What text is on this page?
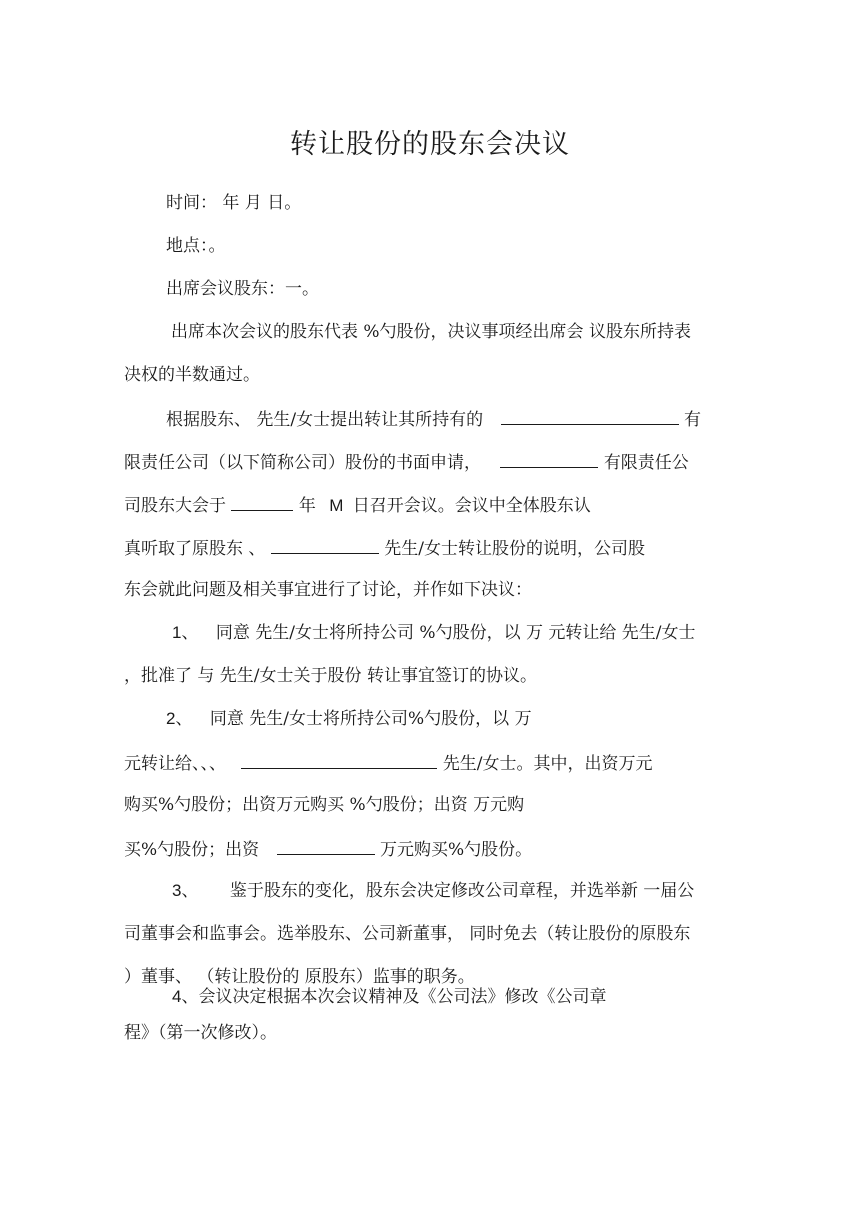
转让股份的股东会决议
时间： 年 月 日。
地点：。
出席会议股东：一。
出席本次会议的股东代表 %勺股份，决议事项经出席会 议股东所持表
决权的半数通过。
根据股东、 先生/女士提出转让其所持有的	有
限责任公司（以下简称公司）股份的书面申请，	有限责任公
司股东大会于	年 M 日召开会议。会议中全体股东认
真听取了原股东 、	先生/女士转让股份的说明，公司股
东会就此问题及相关事宜进行了讨论，并作如下决议：
1、 同意 先生/女士将所持公司 %勺股份，以 万 元转让给 先生/女士
，批准了 与 先生/女士关于股份 转让事宜签订的协议。
2、 同意 先生/女士将所持公司%勺股份，以 万
元转让给、、、	先生/女士。其中，出资万元
购买%勺股份；出资万元购买 %勺股份；出资 万元购
买%勺股份；出资	万元购买%勺股份。
3、 鉴于股东的变化，股东会决定修改公司章程，并选举新 一届公
司董事会和监事会。选举股东、公司新董事， 同时免去（转让股份的原股东
）董事、 （转让股份的 原股东）监事的职务。
4、会议决定根据本次会议精神及《公司法》修改《公司章
程》（第一次修改）。
